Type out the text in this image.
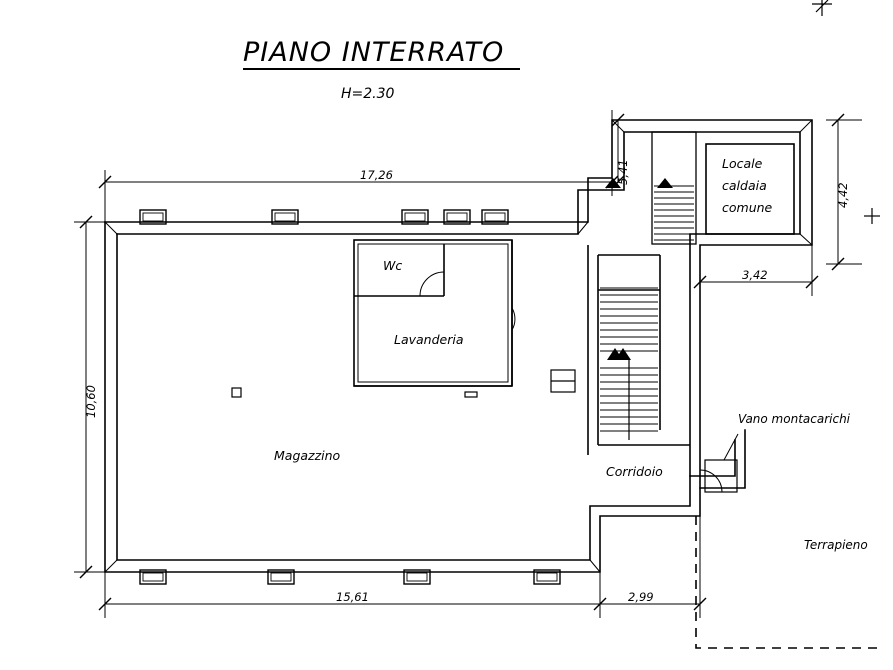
PIANO INTERRATO
H=2.30
Magazzino
Lavanderia
Wc
Corridoio
Locale
caldaia
comune
Vano montacarichi
Terrapieno
17,26	5,41
4,42
3,42
10,60
15,61	2,99
